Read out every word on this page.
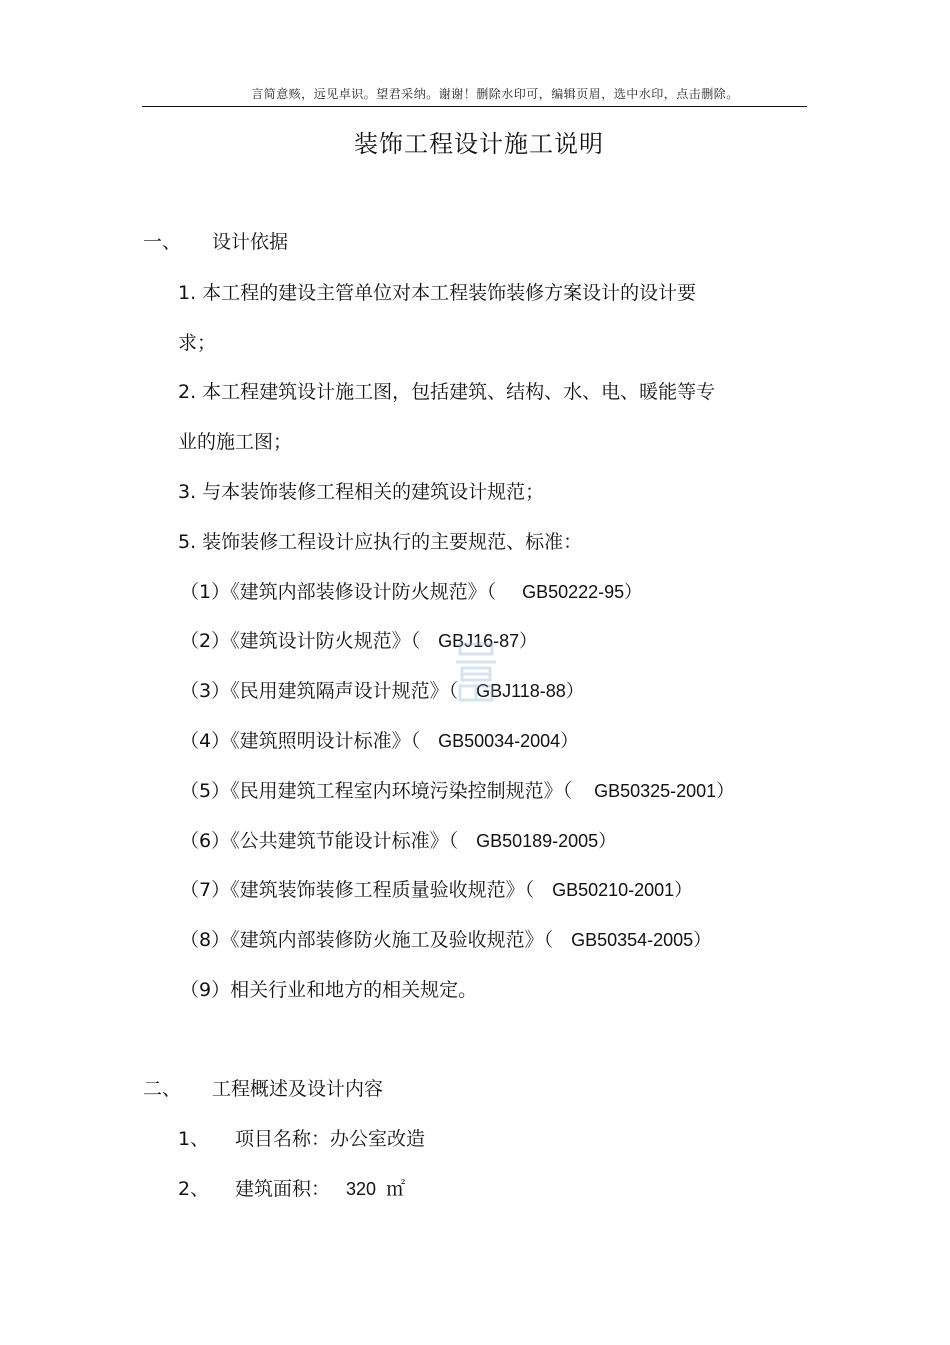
言简意赅，远见卓识。望君采纳。谢谢！删除水印可，编辑页眉，选中水印，点击删除。
装饰工程设计施工说明
一、 设计依据
1. 本工程的建设主管单位对本工程装饰装修方案设计的设计要
求；
2. 本工程建筑设计施工图，包括建筑、结构、水、电、暖能等专
业的施工图；
3. 与本装饰装修工程相关的建筑设计规范；
5. 装饰装修工程设计应执行的主要规范、标准：
（1）《建筑内部装修设计防火规范》（ GB50222-95）
（2）《建筑设计防火规范》（ GBJ16-87）
（3）《民用建筑隔声设计规范》（ GBJ118-88）
（4）《建筑照明设计标准》（ GB50034-2004）
（5）《民用建筑工程室内环境污染控制规范》（ GB50325-2001）
（6）《公共建筑节能设计标准》（ GB50189-2005）
（7）《建筑装饰装修工程质量验收规范》（ GB50210-2001）
（8）《建筑内部装修防火施工及验收规范》（ GB50354-2005）
（9）相关行业和地方的相关规定。
二、 工程概述及设计内容
1、 项目名称：办公室改造
2、 建筑面积： 320 ㎡
